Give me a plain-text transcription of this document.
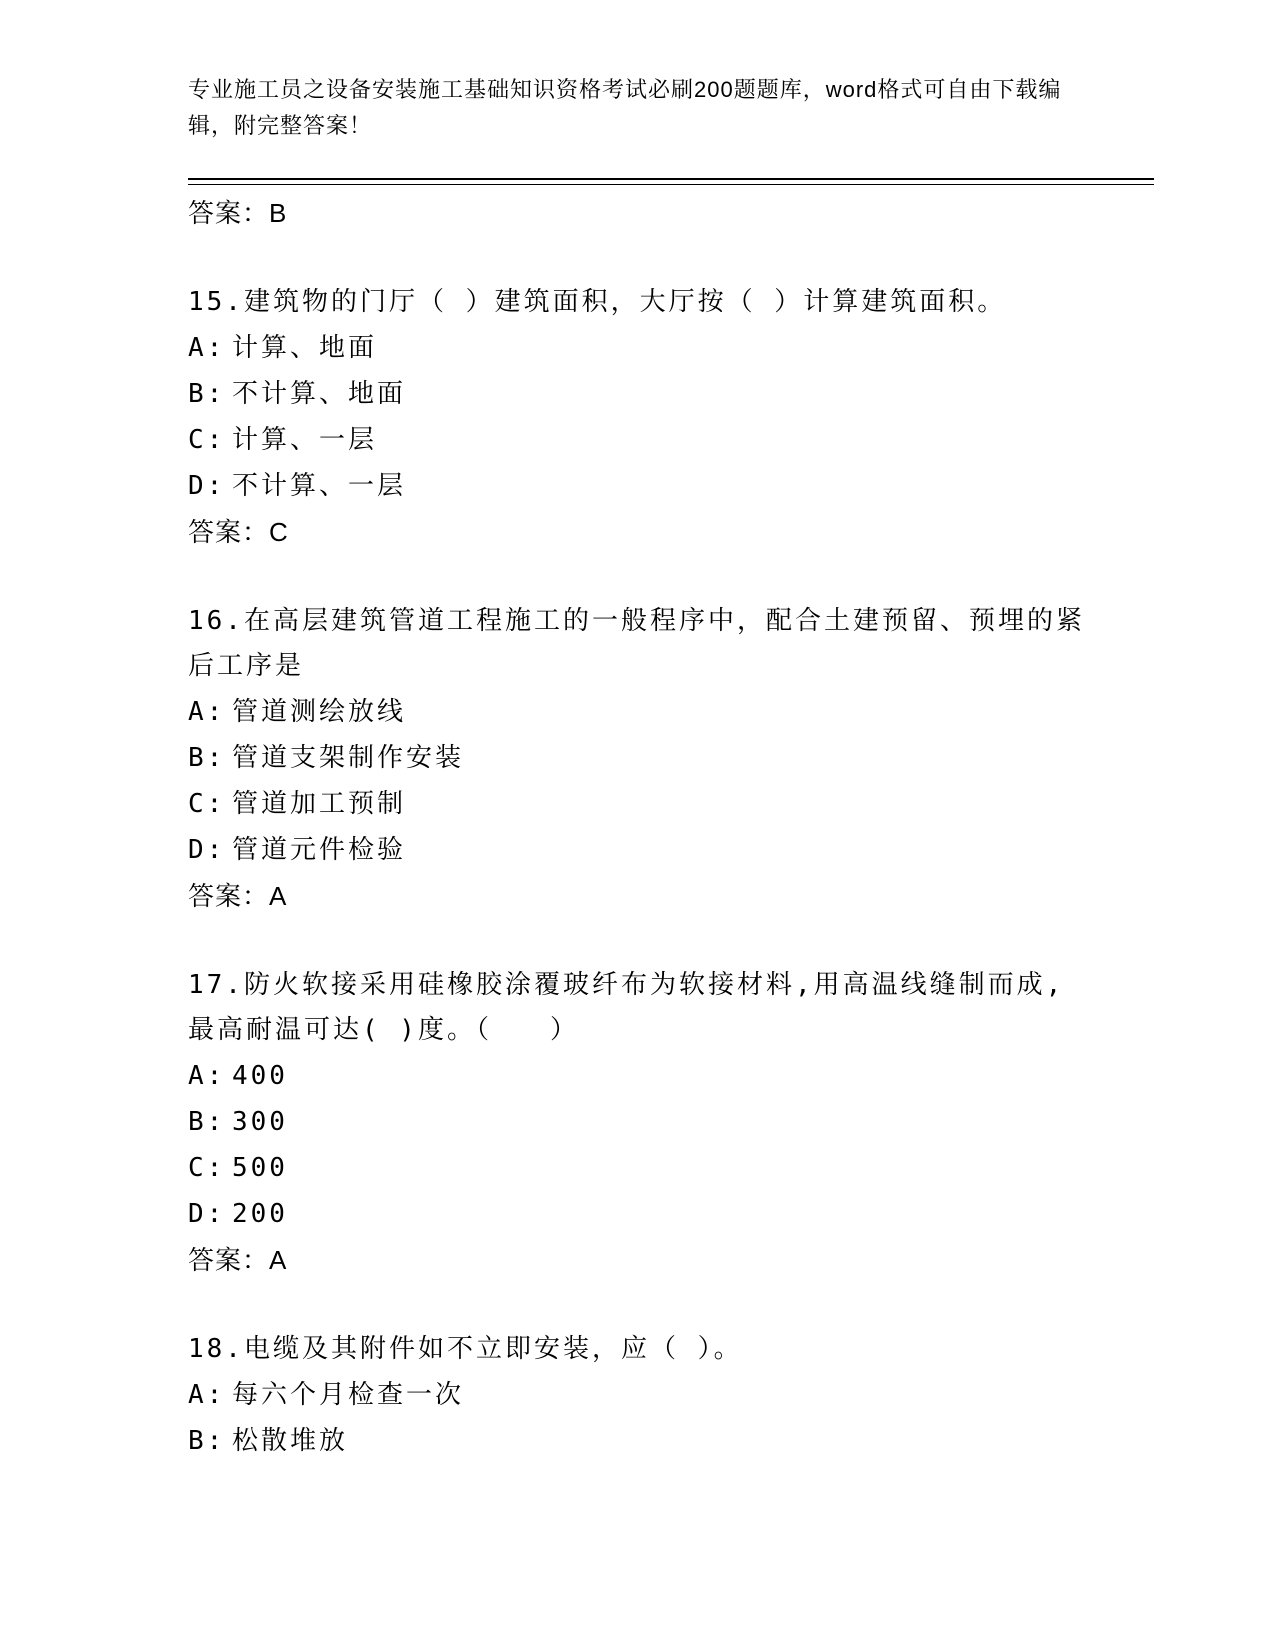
专业施工员之设备安装施工基础知识资格考试必刷200题题库，word格式可自由下载编辑，附完整答案！
答案：B
15.建筑物的门厅（ ）建筑面积，大厅按（ ）计算建筑面积。
A: 计算、地面
B: 不计算、地面
C: 计算、一层
D: 不计算、一层
答案：C
16.在高层建筑管道工程施工的一般程序中，配合土建预留、预埋的紧后工序是
A: 管道测绘放线
B: 管道支架制作安装
C: 管道加工预制
D: 管道元件检验
答案：A
17.防火软接采用硅橡胶涂覆玻纤布为软接材料,用高温线缝制而成,最高耐温可达( )度。（　　）
A: 400
B: 300
C: 500
D: 200
答案：A
18.电缆及其附件如不立即安装，应（ ）。
A: 每六个月检查一次
B: 松散堆放
